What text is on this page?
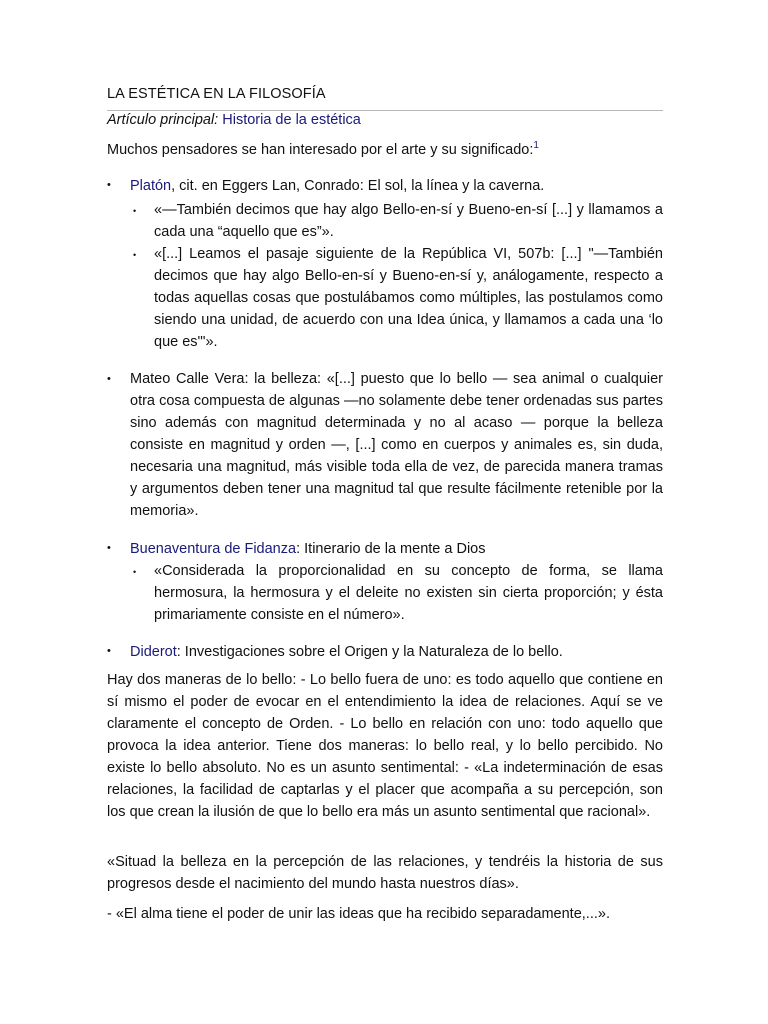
LA ESTÉTICA EN LA FILOSOFÍA
Artículo principal: Historia de la estética
Muchos pensadores se han interesado por el arte y su significado:$^1$
• Platón, cit. en Eggers Lan, Conrado: El sol, la línea y la caverna.
• «—También decimos que hay algo Bello-en-sí y Bueno-en-sí [...] y llamamos a cada una “aquello que es”».
• «[...] Leamos el pasaje siguiente de la República VI, 507b: [...] "—También decimos que hay algo Bello-en-sí y Bueno-en-sí y, análogamente, respecto a todas aquellas cosas que postulábamos como múltiples, las postulamos como siendo una unidad, de acuerdo con una Idea única, y llamamos a cada una ‘lo que es'"».
• Mateo Calle Vera: la belleza: «[...] puesto que lo bello — sea animal o cualquier otra cosa compuesta de algunas —no solamente debe tener ordenadas sus partes sino además con magnitud determinada y no al acaso — porque la belleza consiste en magnitud y orden —, [...] como en cuerpos y animales es, sin duda, necesaria una magnitud, más visible toda ella de vez, de parecida manera tramas y argumentos deben tener una magnitud tal que resulte fácilmente retenible por la memoria».
• Buenaventura de Fidanza: Itinerario de la mente a Dios
• «Considerada la proporcionalidad en su concepto de forma, se llama hermosura, la hermosura y el deleite no existen sin cierta proporción; y ésta primariamente consiste en el número».
• Diderot: Investigaciones sobre el Origen y la Naturaleza de lo bello.
Hay dos maneras de lo bello: - Lo bello fuera de uno: es todo aquello que contiene en sí mismo el poder de evocar en el entendimiento la idea de relaciones. Aquí se ve claramente el concepto de Orden. - Lo bello en relación con uno: todo aquello que provoca la idea anterior. Tiene dos maneras: lo bello real, y lo bello percibido. No existe lo bello absoluto. No es un asunto sentimental: - «La indeterminación de esas relaciones, la facilidad de captarlas y el placer que acompaña a su percepción, son los que crean la ilusión de que lo bello era más un asunto sentimental que racional».
«Situad la belleza en la percepción de las relaciones, y tendréis la historia de sus progresos desde el nacimiento del mundo hasta nuestros días».
- «El alma tiene el poder de unir las ideas que ha recibido separadamente,...».
